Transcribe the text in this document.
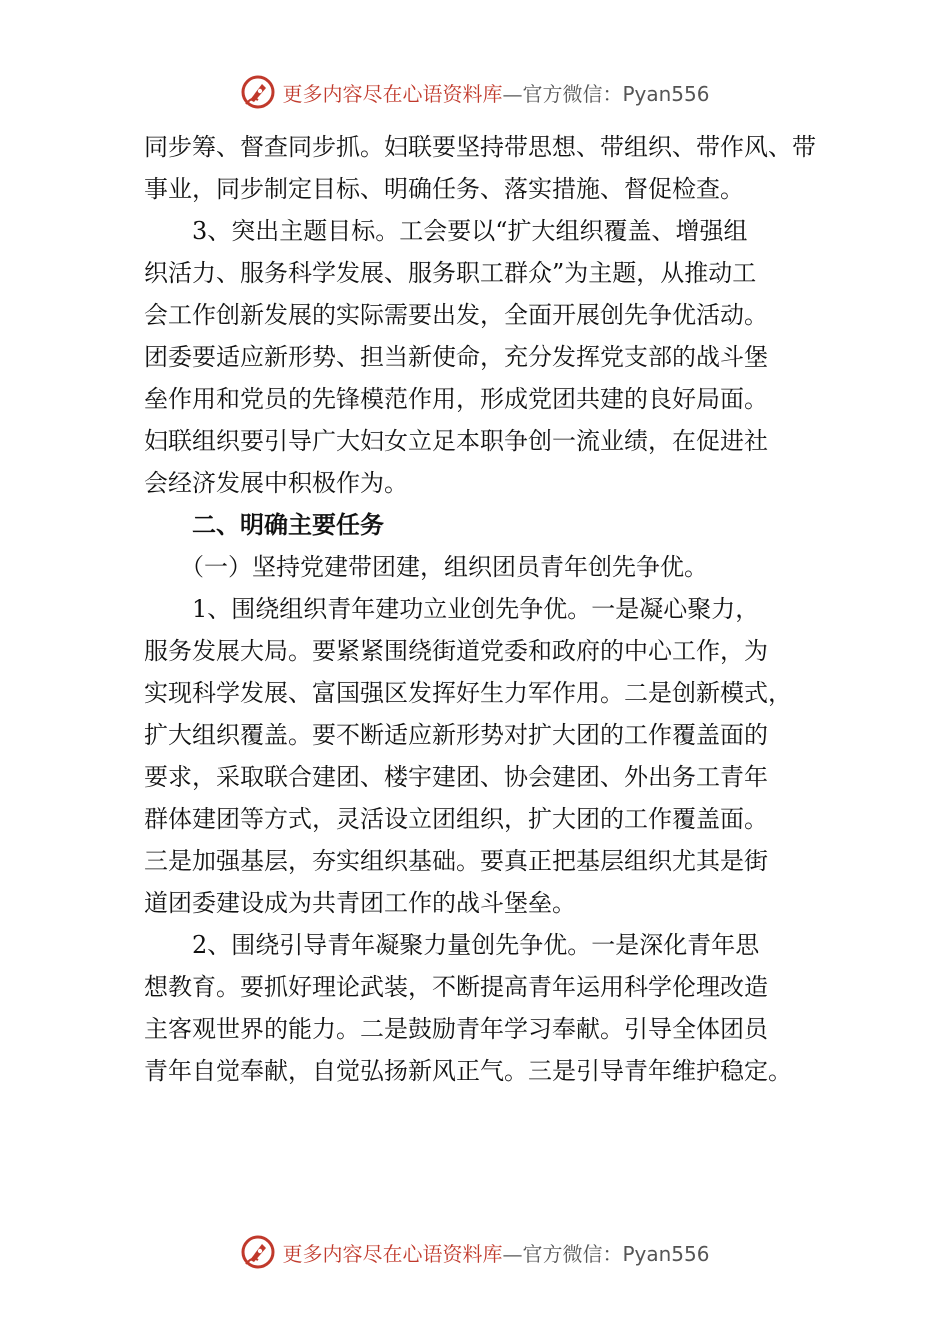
更多内容尽在心语资料库—官方微信：Pyan556

同步筹、督查同步抓。妇联要坚持带思想、带组织、带作风、带

事业，同步制定目标、明确任务、落实措施、督促检查。

　　3、突出主题目标。工会要以“扩大组织覆盖、增强组

织活力、服务科学发展、服务职工群众”为主题，从推动工

会工作创新发展的实际需要出发，全面开展创先争优活动。

团委要适应新形势、担当新使命，充分发挥党支部的战斗堡

垒作用和党员的先锋模范作用，形成党团共建的良好局面。

妇联组织要引导广大妇女立足本职争创一流业绩，在促进社

会经济发展中积极作为。

　　二、明确主要任务

　　（一）坚持党建带团建，组织团员青年创先争优。

　　1、围绕组织青年建功立业创先争优。一是凝心聚力，

服务发展大局。要紧紧围绕街道党委和政府的中心工作，为

实现科学发展、富国强区发挥好生力军作用。二是创新模式，

扩大组织覆盖。要不断适应新形势对扩大团的工作覆盖面的

要求，采取联合建团、楼宇建团、协会建团、外出务工青年

群体建团等方式，灵活设立团组织，扩大团的工作覆盖面。

三是加强基层，夯实组织基础。要真正把基层组织尤其是街

道团委建设成为共青团工作的战斗堡垒。

　　2、围绕引导青年凝聚力量创先争优。一是深化青年思

想教育。要抓好理论武装，不断提高青年运用科学伦理改造

主客观世界的能力。二是鼓励青年学习奉献。引导全体团员

青年自觉奉献，自觉弘扬新风正气。三是引导青年维护稳定。

更多内容尽在心语资料库—官方微信：Pyan556
